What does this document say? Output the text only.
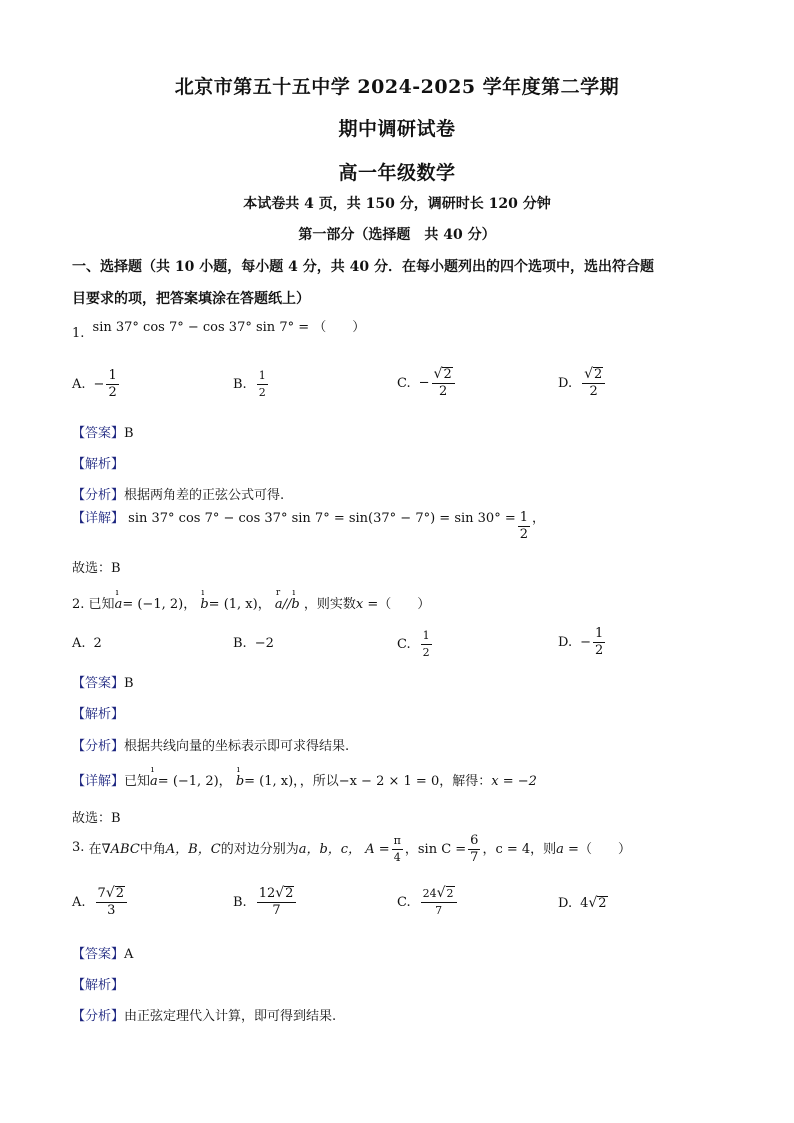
北京市第五十五中学 2024-2025 学年度第二学期
期中调研试卷
高一年级数学
本试卷共 4 页，共 150 分，调研时长 120 分钟
第一部分（选择题　共 40 分）
一、选择题（共 10 小题，每小题 4 分，共 40 分．在每小题列出的四个选项中，选出符合题
目要求的项，把答案填涂在答题纸上）
1. sin 37° cos 7° − cos 37° sin 7° = （　　）
A. − $\frac{1}{2}$	B. $\frac{1}{2}$	C. − $\frac{√ 2}{2}$	D. $\frac{√ 2}{2}$
【答案】B
【解析】
【分析】根据两角差的正弦公式可得.
【详解】 sin 37° cos 7° − cos 37° $\sin 7^\circ = \sin(37^\circ - 7^\circ) = \sin 30^\circ = \frac{1}{2}$ ，
故选：B
2. 已知
ı
a= (−1, 2)，
ı
b= (1, x)，
r
a//
ı
b ，则实数x =（　　）
A. 2	B. −2	C. $\frac{1}{2}$	D. − $\frac{1}{2}$
【答案】B
【解析】
【分析】根据共线向量的坐标表示即可求得结果.
【详解】已知
ı
a= (−1, 2)，
ı
b= (1, x)，，所以−x − 2 × 1 = 0，解得：x = −2
故选：B
3. 在∇ABC中角A，B，C的对边分别为a，b，c， $A = \frac{\pi}{4}$ ，$\sin C = \frac{6}{7}$ ，c = 4，则a =（　　）
A. $\frac{7 √ 2}{3}$	B. $\frac{12 √ 2}{7}$	C. $\frac{24 √ 2}{7}$	D. 4 √ 2
【答案】A
【解析】
【分析】由正弦定理代入计算，即可得到结果.
